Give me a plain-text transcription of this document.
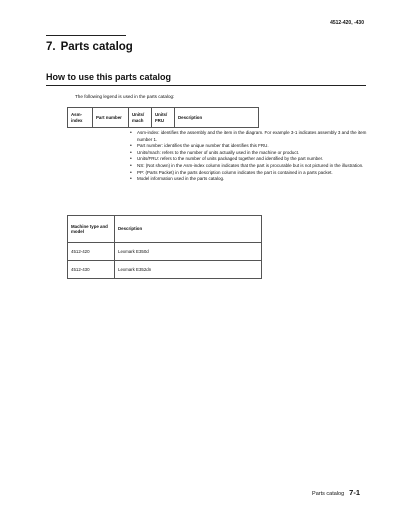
4512-420, -430
7. Parts catalog
How to use this parts catalog
The following legend is used in the parts catalog:
Asm-index	Part number	Units/ mach	Units/ FRU	Description
• Asm-index: identifies the assembly and the item in the diagram. For example 3-1 indicates assembly 3 and the item number 1.
• Part number: identifies the unique number that identifies this FRU.
• Units/mach: refers to the number of units actually used in the machine or product.
• Units/FRU: refers to the number of units packaged together and identified by the part number.
• NS: (Not shown) in the Asm-index column indicates that the part is procurable but is not pictured in the illustration.
• PP: (Parts Packet) in the parts description column indicates the part is contained in a parts packet.
• Model information used in the parts catalog.
Machine type and model	Description
4512-420	Lexmark E350d
4512-430	Lexmark E352dn
Parts catalog 7-1
